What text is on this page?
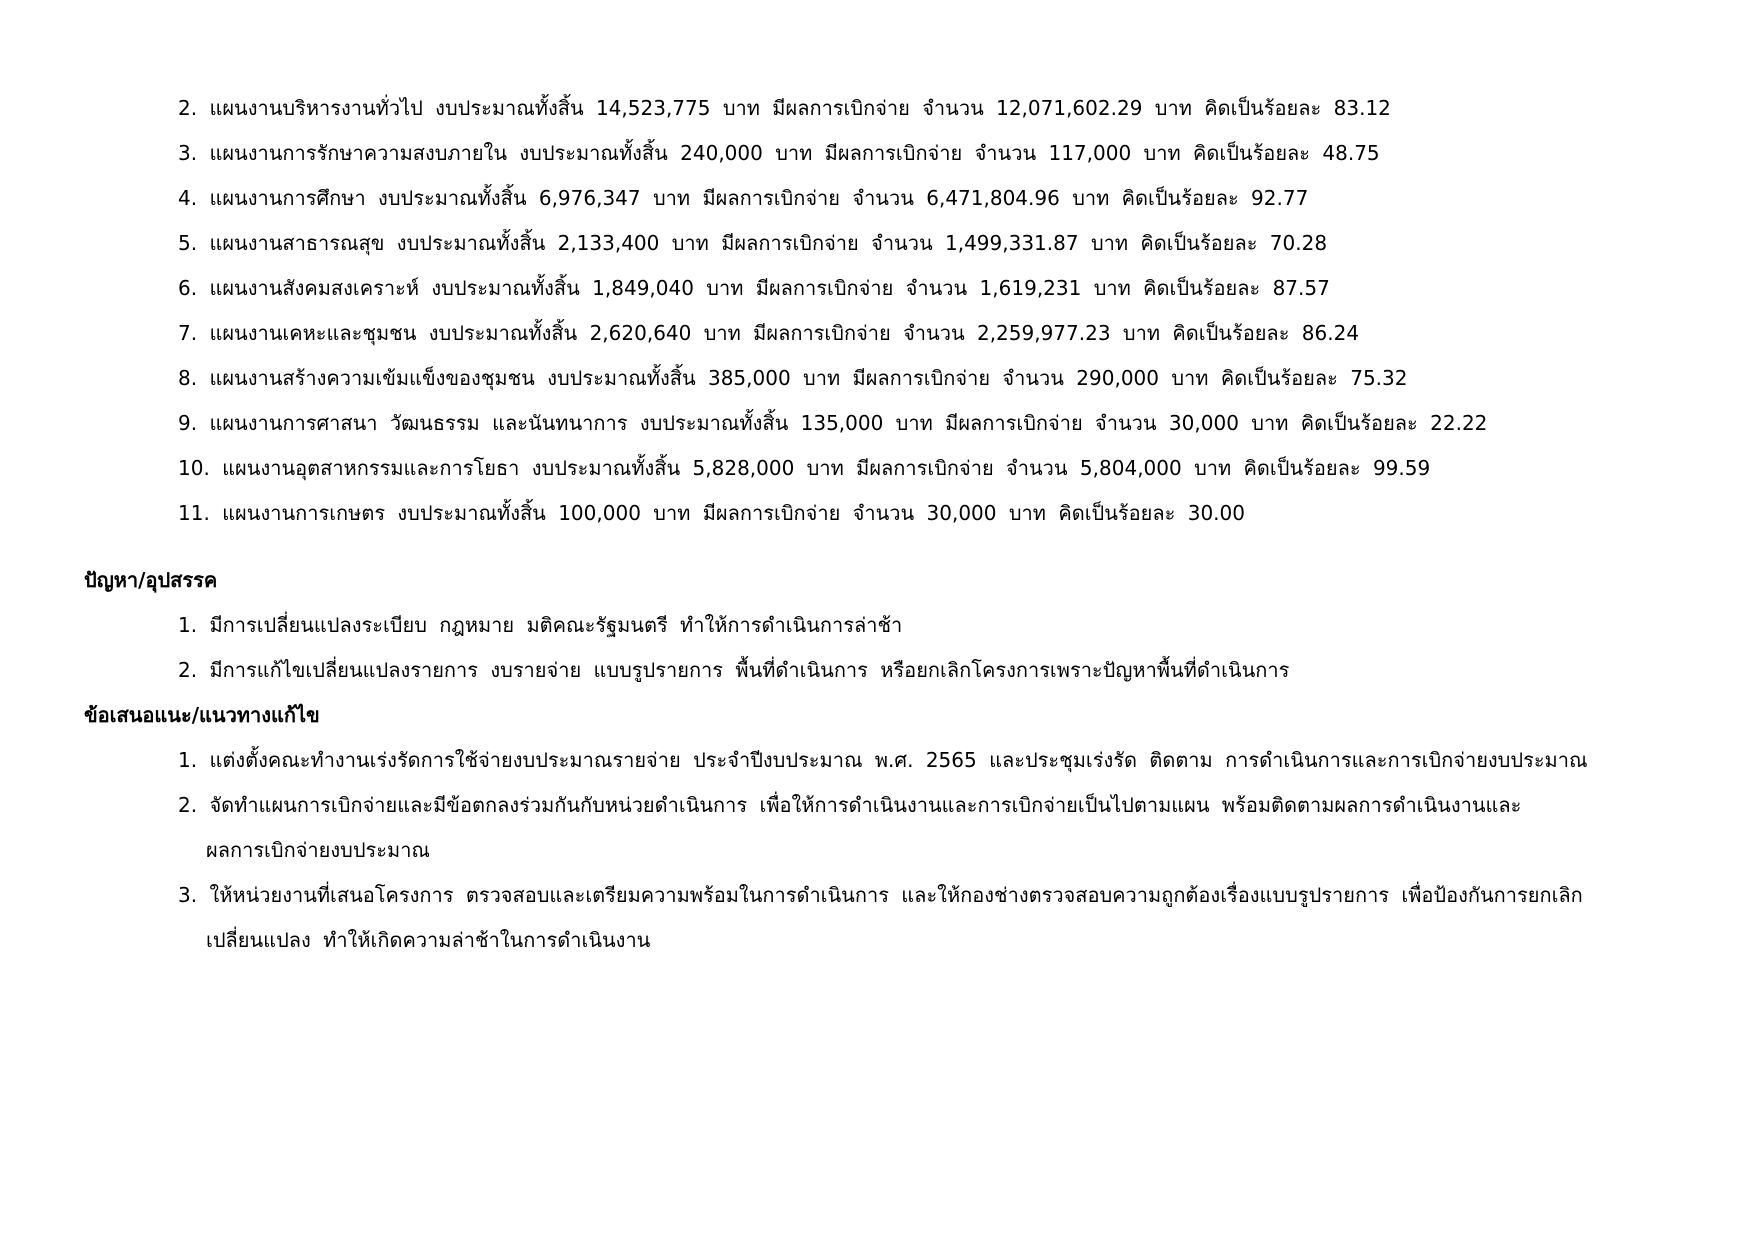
2. แผนงานบริหารงานทั่วไป งบประมาณทั้งสิ้น 14,523,775 บาท มีผลการเบิกจ่าย จำนวน 12,071,602.29 บาท คิดเป็นร้อยละ 83.12
3. แผนงานการรักษาความสงบภายใน งบประมาณทั้งสิ้น 240,000 บาท มีผลการเบิกจ่าย จำนวน 117,000 บาท คิดเป็นร้อยละ 48.75
4. แผนงานการศึกษา งบประมาณทั้งสิ้น 6,976,347 บาท มีผลการเบิกจ่าย จำนวน 6,471,804.96 บาท คิดเป็นร้อยละ 92.77
5. แผนงานสาธารณสุข งบประมาณทั้งสิ้น 2,133,400 บาท มีผลการเบิกจ่าย จำนวน 1,499,331.87 บาท คิดเป็นร้อยละ 70.28
6. แผนงานสังคมสงเคราะห์ งบประมาณทั้งสิ้น 1,849,040 บาท มีผลการเบิกจ่าย จำนวน 1,619,231 บาท คิดเป็นร้อยละ 87.57
7. แผนงานเคหะและชุมชน งบประมาณทั้งสิ้น 2,620,640 บาท มีผลการเบิกจ่าย จำนวน 2,259,977.23 บาท คิดเป็นร้อยละ 86.24
8. แผนงานสร้างความเข้มแข็งของชุมชน งบประมาณทั้งสิ้น 385,000 บาท มีผลการเบิกจ่าย จำนวน 290,000 บาท คิดเป็นร้อยละ 75.32
9. แผนงานการศาสนา วัฒนธรรม และนันทนาการ งบประมาณทั้งสิ้น 135,000 บาท มีผลการเบิกจ่าย จำนวน 30,000 บาท คิดเป็นร้อยละ 22.22
10. แผนงานอุตสาหกรรมและการโยธา งบประมาณทั้งสิ้น 5,828,000 บาท มีผลการเบิกจ่าย จำนวน 5,804,000 บาท คิดเป็นร้อยละ 99.59
11. แผนงานการเกษตร งบประมาณทั้งสิ้น 100,000 บาท มีผลการเบิกจ่าย จำนวน 30,000 บาท คิดเป็นร้อยละ 30.00
ปัญหา/อุปสรรค
1. มีการเปลี่ยนแปลงระเบียบ กฎหมาย มติคณะรัฐมนตรี ทำให้การดำเนินการล่าช้า
2. มีการแก้ไขเปลี่ยนแปลงรายการ งบรายจ่าย แบบรูปรายการ พื้นที่ดำเนินการ หรือยกเลิกโครงการเพราะปัญหาพื้นที่ดำเนินการ
ข้อเสนอแนะ/แนวทางแก้ไข
1. แต่งตั้งคณะทำงานเร่งรัดการใช้จ่ายงบประมาณรายจ่าย ประจำปีงบประมาณ พ.ศ. 2565 และประชุมเร่งรัด ติดตาม การดำเนินการและการเบิกจ่ายงบประมาณ
2. จัดทำแผนการเบิกจ่ายและมีข้อตกลงร่วมกันกับหน่วยดำเนินการ เพื่อให้การดำเนินงานและการเบิกจ่ายเป็นไปตามแผน พร้อมติดตามผลการดำเนินงานและ
ผลการเบิกจ่ายงบประมาณ
3. ให้หน่วยงานที่เสนอโครงการ ตรวจสอบและเตรียมความพร้อมในการดำเนินการ และให้กองช่างตรวจสอบความถูกต้องเรื่องแบบรูปรายการ เพื่อป้องกันการยกเลิก
เปลี่ยนแปลง ทำให้เกิดความล่าช้าในการดำเนินงาน
